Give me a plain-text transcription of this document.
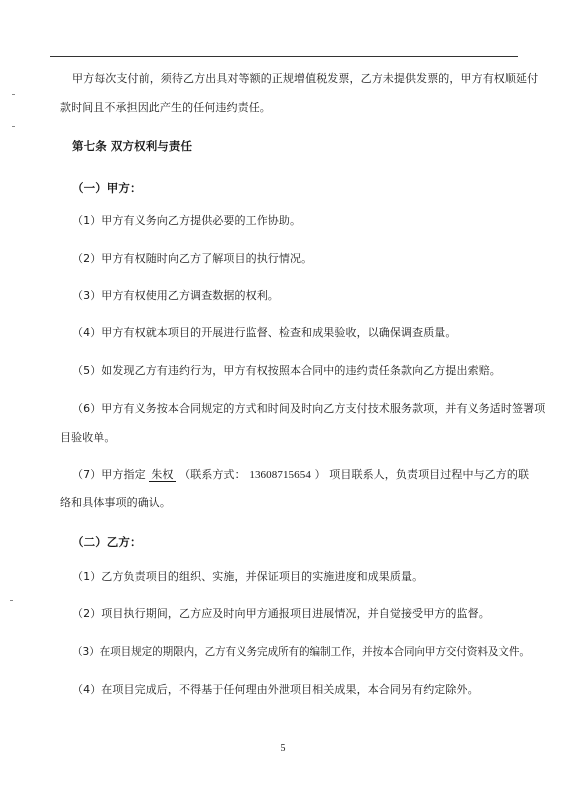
甲方每次支付前，须待乙方出具对等额的正规增值税发票，乙方未提供发票的，甲方有权顺延付
款时间且不承担因此产生的任何违约责任。
第七条 双方权利与责任
（一）甲方：
（1）甲方有义务向乙方提供必要的工作协助。
（2）甲方有权随时向乙方了解项目的执行情况。
（3）甲方有权使用乙方调查数据的权利。
（4）甲方有权就本项目的开展进行监督、检查和成果验收，以确保调查质量。
（5）如发现乙方有违约行为，甲方有权按照本合同中的违约责任条款向乙方提出索赔。
（6）甲方有义务按本合同规定的方式和时间及时向乙方支付技术服务款项，并有义务适时签署项
目验收单。
（7）甲方指定 朱权 （联系方式： 13608715654 ） 项目联系人，负责项目过程中与乙方的联
络和具体事项的确认。
（二）乙方：
（1）乙方负责项目的组织、实施，并保证项目的实施进度和成果质量。
（2）项目执行期间，乙方应及时向甲方通报项目进展情况，并自觉接受甲方的监督。
（3）在项目规定的期限内，乙方有义务完成所有的编制工作，并按本合同向甲方交付资料及文件。
（4）在项目完成后，不得基于任何理由外泄项目相关成果，本合同另有约定除外。
5
